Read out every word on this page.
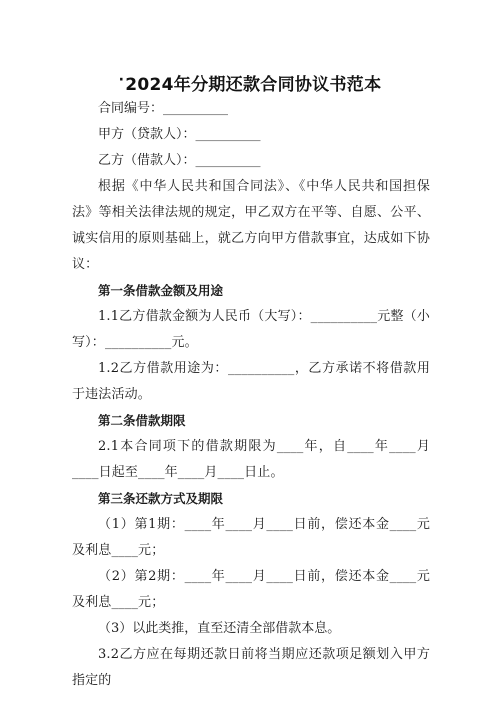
·2024年分期还款合同协议书范本
合同编号：__________
甲方（贷款人）：__________
乙方（借款人）：__________

根据《中华人民共和国合同法》、《中华人民共和国担保法》等相关法律法规的规定，甲乙双方在平等、自愿、公平、诚实信用的原则基础上，就乙方向甲方借款事宜，达成如下协议：

第一条借款金额及用途

1.1乙方借款金额为人民币（大写）：__________元整（小写）：__________元。

1.2乙方借款用途为：__________，乙方承诺不将借款用于违法活动。

第二条借款期限

2.1本合同项下的借款期限为____年，自____年____月____日起至____年____月____日止。

第三条还款方式及期限

（1）第1期：____年____月____日前，偿还本金____元及利息____元；

（2）第2期：____年____月____日前，偿还本金____元及利息____元；

（3）以此类推，直至还清全部借款本息。

3.2乙方应在每期还款日前将当期应还款项足额划入甲方指定的
